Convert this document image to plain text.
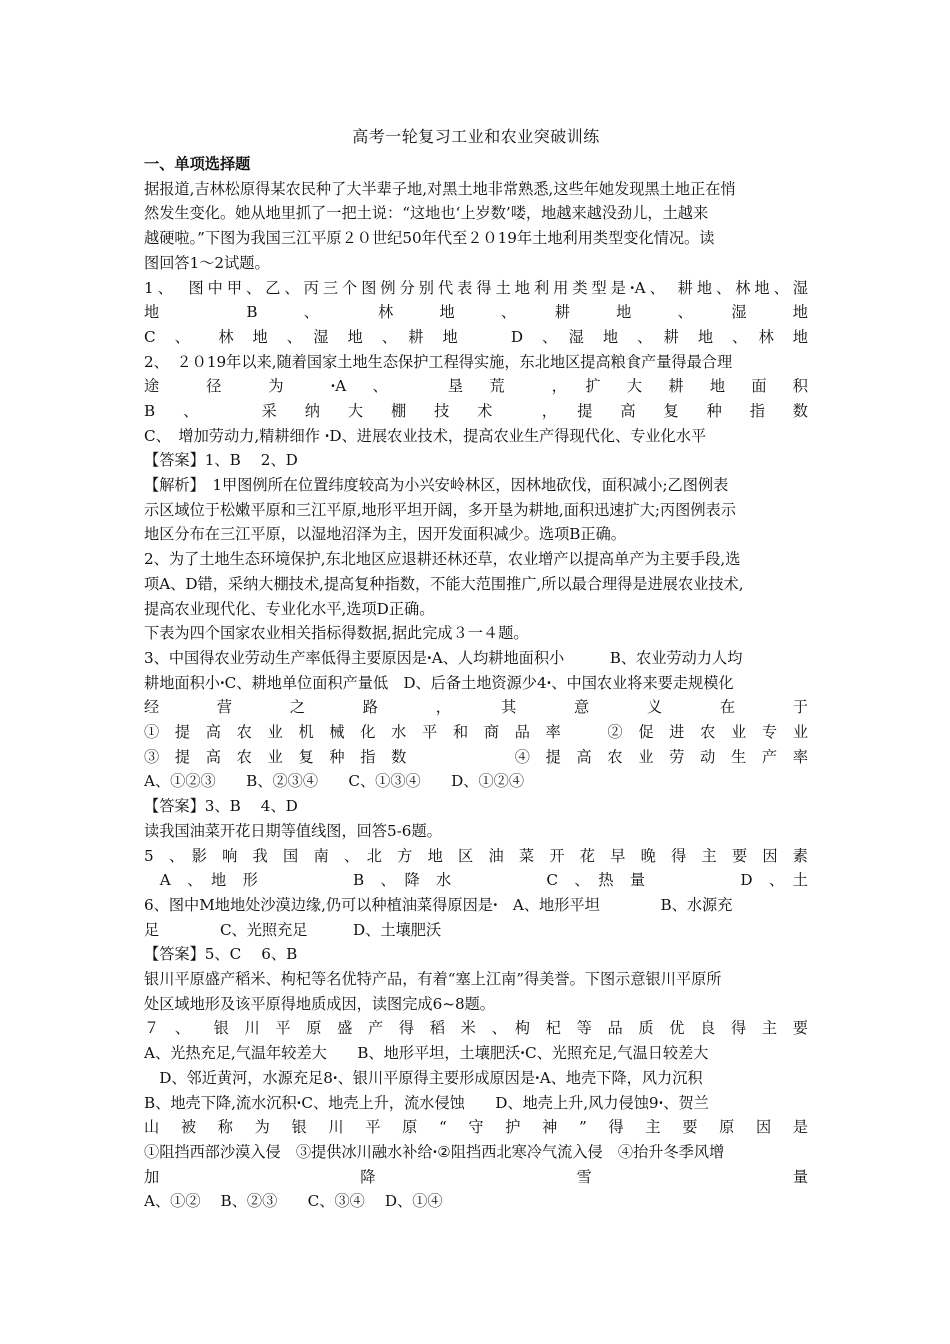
高考一轮复习工业和农业突破训练
一、单项选择题
据报道,吉林松原得某农民种了大半辈子地,对黑土地非常熟悉,这些年她发现黑土地正在悄
然发生变化。她从地里抓了一把土说：“这地也‘上岁数’喽，地越来越没劲儿，土越来
越硬啦。”下图为我国三江平原２０世纪50年代至２０19年土地利用类型变化情况。读
图回答1～2试题。
1、　图中甲、乙、丙三个图例分别代表得土地利用类型是ꞏA、 耕地、林地、湿
地　　　　B　　、　　　林　　地　　、　　耕　　地　　、　　湿　　地
C　、　　林　地　、　湿　地　、　耕　地　　　D　、　湿　地　、　耕　地　、　林　地
2、　２０19年以来,随着国家土地生态保护工程得实施，东北地区提高粮食产量得最合理
途　　径　　为　　ꞏA　、　　　垦　荒　　，　扩　大　耕　地　面　积
B　、　　　采　纳　大　棚　技　术　　，　提　高　复　种　指　数
C、　增加劳动力,精耕细作 ꞏD、进展农业技术，提高农业生产得现代化、专业化水平
【答案】1、B　 2、D
【解析】　1甲图例所在位置纬度较高为小兴安岭林区，因林地砍伐，面积减小;乙图例表
示区域位于松嫩平原和三江平原,地形平坦开阔，多开垦为耕地,面积迅速扩大;丙图例表示
地区分布在三江平原，以湿地沼泽为主，因开发面积减少。选项B正确。
2、为了土地生态环境保护,东北地区应退耕还林还草，农业增产以提高单产为主要手段,选
项A、D错，采纳大棚技术,提高复种指数，不能大范围推广,所以最合理得是进展农业技术,
提高农业现代化、专业化水平,选项D正确。
下表为四个国家农业相关指标得数据,据此完成３一４题。
3、中国得农业劳动生产率低得主要原因是ꞏA、人均耕地面积小　　　B、农业劳动力人均
耕地面积小ꞏC、耕地单位面积产量低　D、后备土地资源少4ꞏ、中国农业将来要走规模化
经　　　营　　　之　　　路　　　，　　　其　　　意　　　义　　　在　　　于
①　提　高　农　业　机　械　化　水　平　和　商　品　率　　　②　促　进　农　业　专　业　　　
③　提　高　农　业　复　种　指　数　　　　　　　④　提　高　农　业　劳　动　生　产　率
A、①②③　　B、②③④　　C、①③④　　D、①②④
【答案】3、B　 4、D
读我国油菜开花日期等值线图，回答5-6题。
5　、　影　响　我　国　南　、　北　方　地　区　油　菜　开　花　早　晚　得　主　要　因　素　
　A　、　地　形　　　　　　B　、　降　水　　　　　　C　、　热　量　　　　　　D　、　土　
6、图中M地地处沙漠边缘,仍可以种植油菜得原因是ꞏ　A、地形平坦　　　　B、水源充
足　　　　C、光照充足　　　D、土壤肥沃
【答案】5、C　 6、B
银川平原盛产稻米、枸杞等名优特产品，有着“塞上江南”得美誉。下图示意银川平原所
处区域地形及该平原得地质成因，读图完成6~8题。
７　、　　银　川　平　原　盛　产　得　稻　米　、　枸　杞　等　品　质　优　良　得　主　要　　　
A、光热充足,气温年较差大　　B、地形平坦，土壤肥沃ꞏC、光照充足,气温日较差大
　D、邻近黄河，水源充足8ꞏ、银川平原得主要形成原因是ꞏA、地壳下降，风力沉积
B、地壳下降,流水沉积ꞏC、地壳上升，流水侵蚀　　D、地壳上升,风力侵蚀9ꞏ、贺兰
山　被　称　为　银　川　平　原　“　守　护　神　”　得　主　要　原　因　是
①阻挡西部沙漠入侵　③提供冰川融水补给ꞏ②阻挡西北寒冷气流入侵　④抬升冬季风增
加　　　　　　　　　　　降　　　　　　　　　　　雪　　　　　　　　　　　量
A、①②　 B、②③　　C、③④　 D、①④
